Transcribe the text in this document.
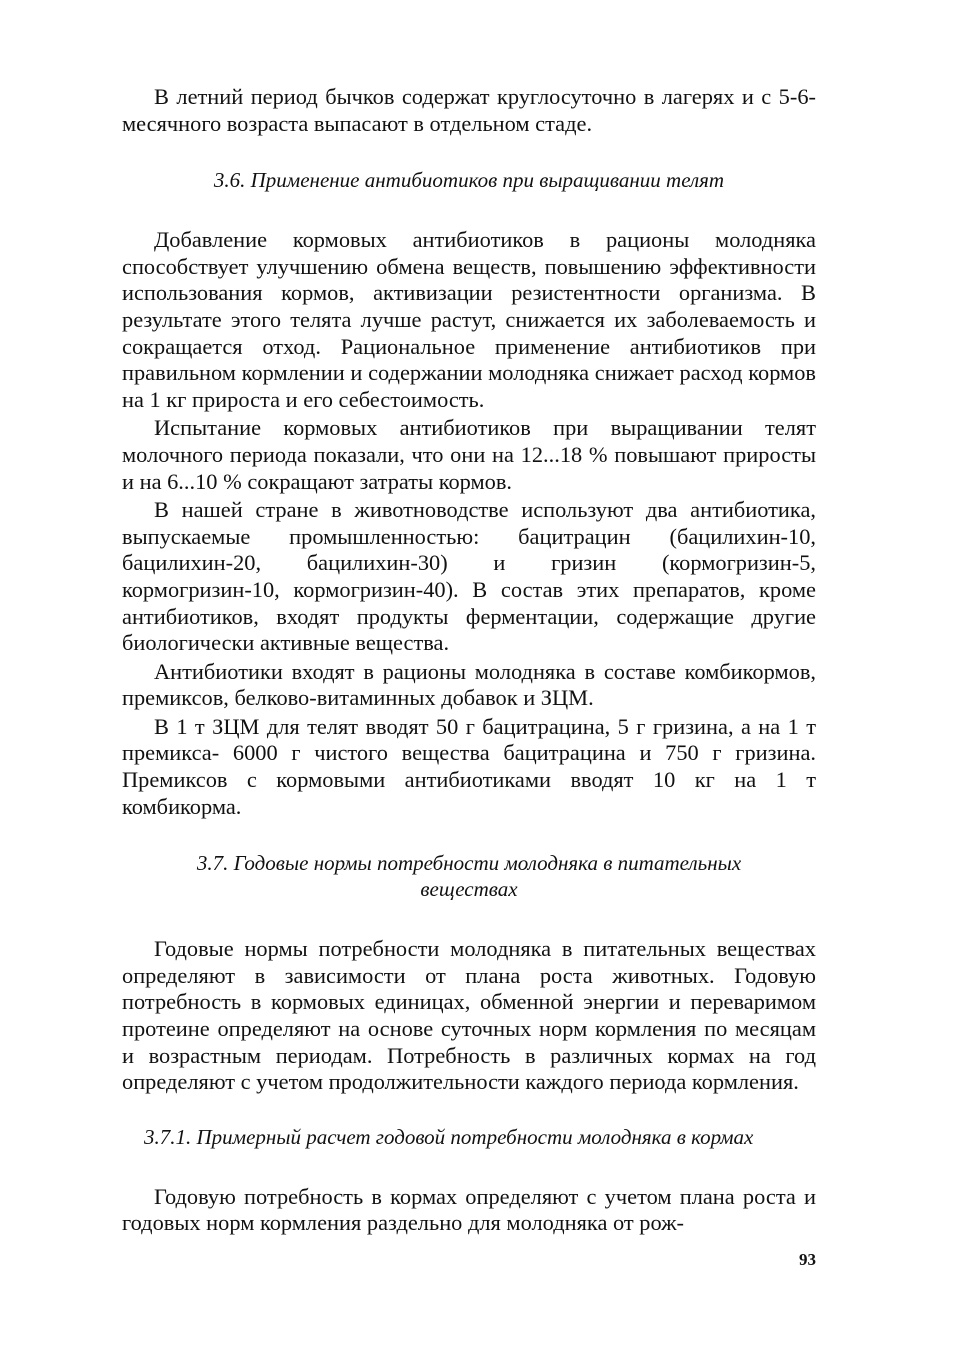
В летний период бычков содержат круглосуточно в лагерях и с 5-6-месячного возраста выпасают в отдельном стаде.

3.6. Применение антибиотиков при выращивании телят

Добавление кормовых антибиотиков в рационы молодняка способствует улучшению обмена веществ, повышению эффективности использования кормов, активизации резистентности организма. В результате этого телята лучше растут, снижается их заболеваемость и сокращается отход. Рациональное применение антибиотиков при правильном кормлении и содержании молодняка снижает расход кормов на 1 кг прироста и его себестоимость.

Испытание кормовых антибиотиков при выращивании телят молочного периода показали, что они на 12...18 % повышают приросты и на 6...10 % сокращают затраты кормов.

В нашей стране в животноводстве используют два антибиотика, выпускаемые промышленностью: бацитрацин (бацилихин-10, бацилихин-20, бацилихин-30) и гризин (кормогризин-5, кормогризин-10, кормогризин-40). В состав этих препаратов, кроме антибиотиков, входят продукты ферментации, содержащие другие биологически активные вещества.

Антибиотики входят в рационы молодняка в составе комбикормов, премиксов, белково-витаминных добавок и ЗЦМ.

В 1 т ЗЦМ для телят вводят 50 г бацитрацина, 5 г гризина, а на 1 т премикса- 6000 г чистого вещества бацитрацина и 750 г гризина. Премиксов с кормовыми антибиотиками вводят 10 кг на 1 т комбикорма.

3.7. Годовые нормы потребности молодняка в питательных веществах

Годовые нормы потребности молодняка в питательных веществах определяют в зависимости от плана роста животных. Годовую потребность в кормовых единицах, обменной энергии и переваримом протеине определяют на основе суточных норм кормления по месяцам и возрастным периодам. Потребность в различных кормах на год определяют с учетом продолжительности каждого периода кормления.

3.7.1. Примерный расчет годовой потребности молодняка в кормах

Годовую потребность в кормах определяют с учетом плана роста и годовых норм кормления раздельно для молодняка от рож-

93
